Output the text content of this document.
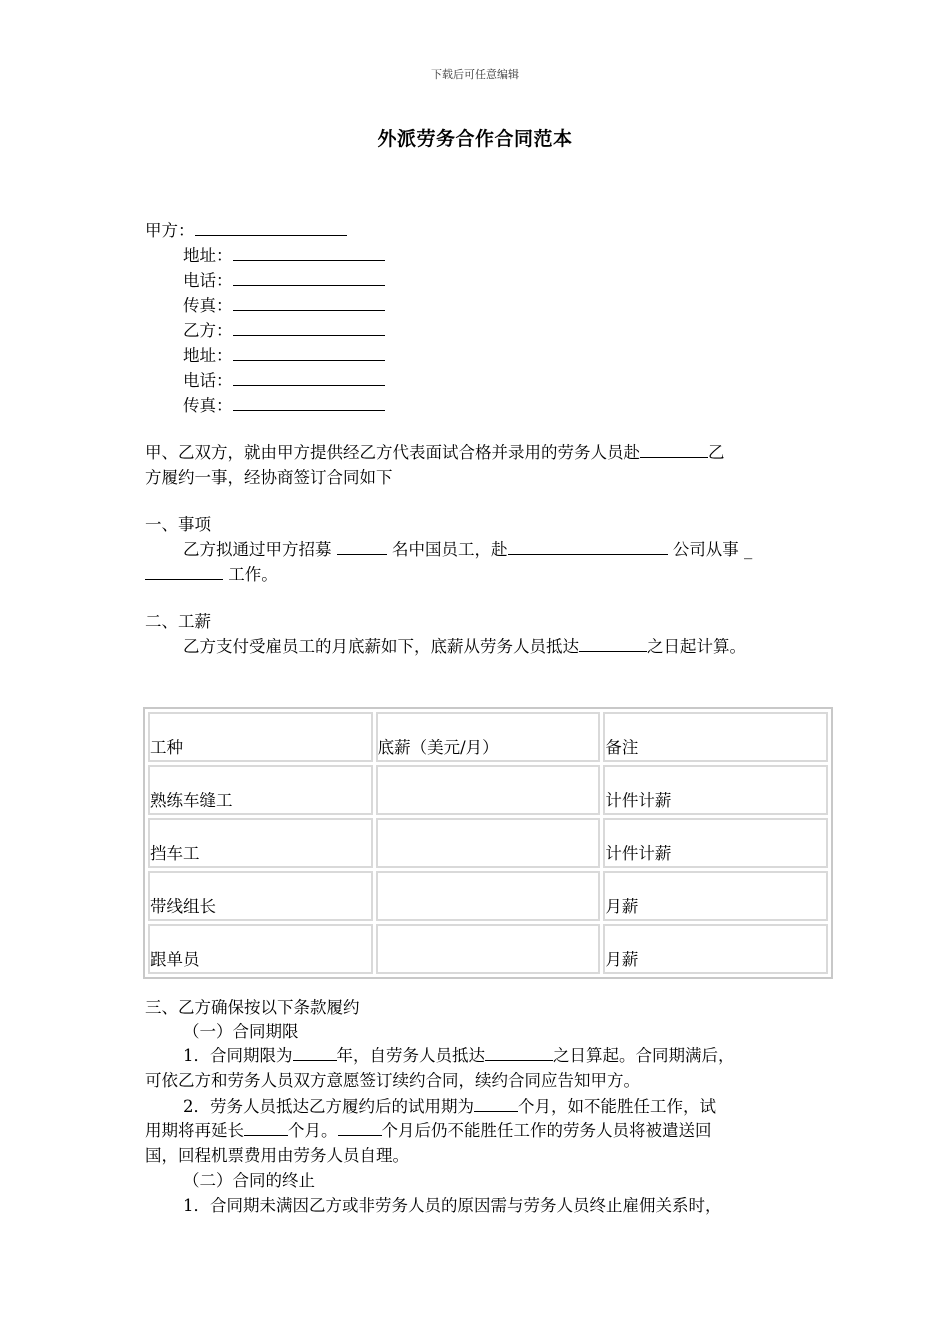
下载后可任意编辑
外派劳务合作合同范本
甲方：
地址：
电话：
传真：
乙方：
地址：
电话：
传真：
甲、乙双方，就由甲方提供经乙方代表面试合格并录用的劳务人员赴	乙
方履约一事，经协商签订合同如下
一、事项
乙方拟通过甲方招募	名中国员工，赴	公司从事 _
工作。
二、工薪
乙方支付受雇员工的月底薪如下，底薪从劳务人员抵达	之日起计算。
工种	底薪（美元/月）	备注
熟练车缝工		计件计薪
挡车工		计件计薪
带线组长		月薪
跟单员		月薪
三、乙方确保按以下条款履约
（一）合同期限
1．合同期限为	年，自劳务人员抵达	之日算起。合同期满后，
可依乙方和劳务人员双方意愿签订续约合同，续约合同应告知甲方。
2．劳务人员抵达乙方履约后的试用期为	个月，如不能胜任工作，试
用期将再延长	个月。	个月后仍不能胜任工作的劳务人员将被遣送回
国，回程机票费用由劳务人员自理。
（二）合同的终止
1．合同期未满因乙方或非劳务人员的原因需与劳务人员终止雇佣关系时，
